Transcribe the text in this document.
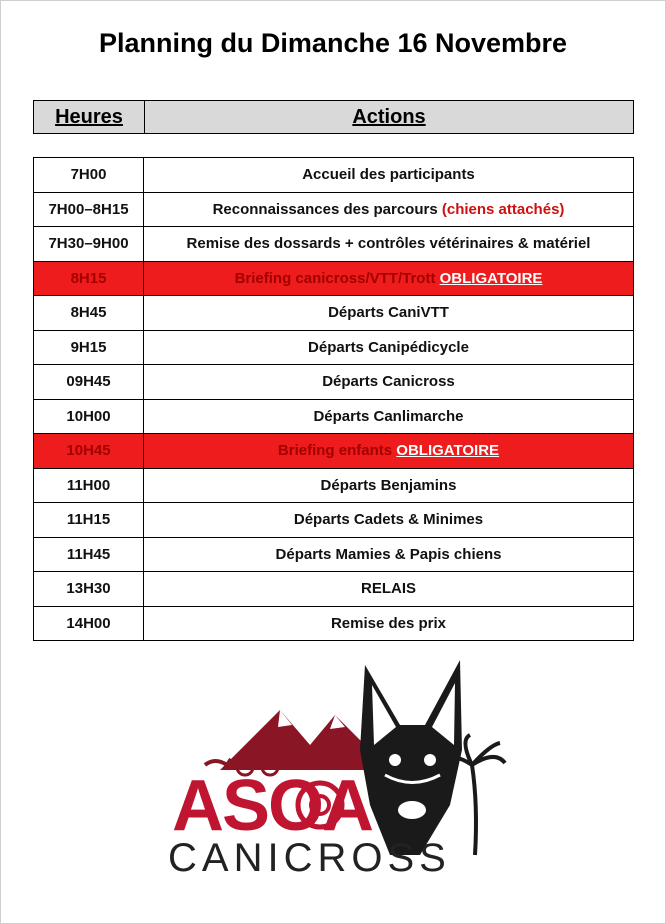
Planning du Dimanche 16 Novembre
Heures	Actions
7H00	Accueil des participants
7H00–8H15	Reconnaissances des parcours (chiens attachés)
7H30–9H00	Remise des dossards + contrôles vétérinaires & matériel
8H15	Briefing canicross/VTT/Trott OBLIGATOIRE
8H45	Départs CaniVTT
9H15	Départs Canipédicycle
09H45	Départs Canicross
10H00	Départs Canlimarche
10H45	Briefing enfants OBLIGATOIRE
11H00	Départs Benjamins
11H15	Départs Cadets & Minimes
11H45	Départs Mamies & Papis chiens
13H30	RELAIS
14H00	Remise des prix
ASOA
CANICROSS
